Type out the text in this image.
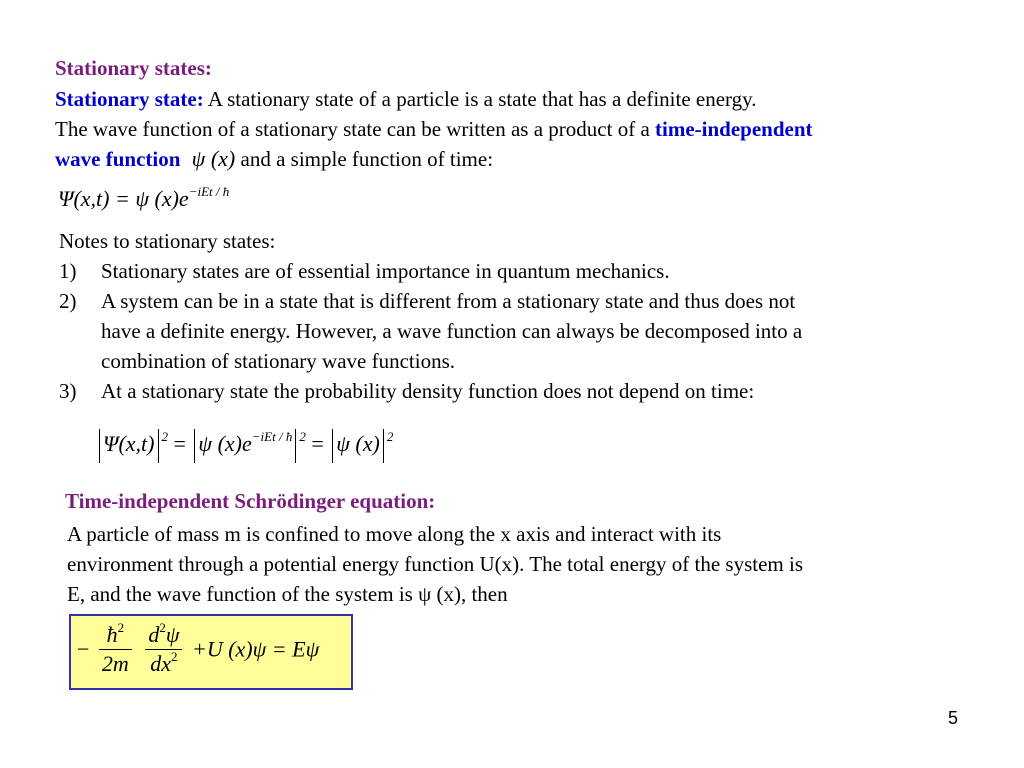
Stationary states:
Stationary state: A stationary state of a particle is a state that has a definite energy.
The wave function of a stationary state can be written as a product of a time-independent
wave function ψ (x) and a simple function of time:
Ψ(x,t) = ψ $(x)e^{-iEt / ħ}$
Notes to stationary states:
1) Stationary states are of essential importance in quantum mechanics.
2) A system can be in a state that is different from a stationary state and thus does not
have a definite energy. However, a wave function can always be decomposed into a
combination of stationary wave functions.
3) At a stationary state the probability density function does not depend on time:
Ψ(x,t) $^2$ = ψ $(x)e^{-iEt / ħ}$ $^2$ = ψ (x) $^2$
Time-independent Schrödinger equation:
A particle of mass m is confined to move along the x axis and interact with its
environment through a potential energy function U(x). The total energy of the system is
E, and the wave function of the system is ψ (x), then
− $\frac{ħ^2}{2m}$
$\frac{d^2\psi}{dx^2} +U$ (x)ψ = Eψ
5
